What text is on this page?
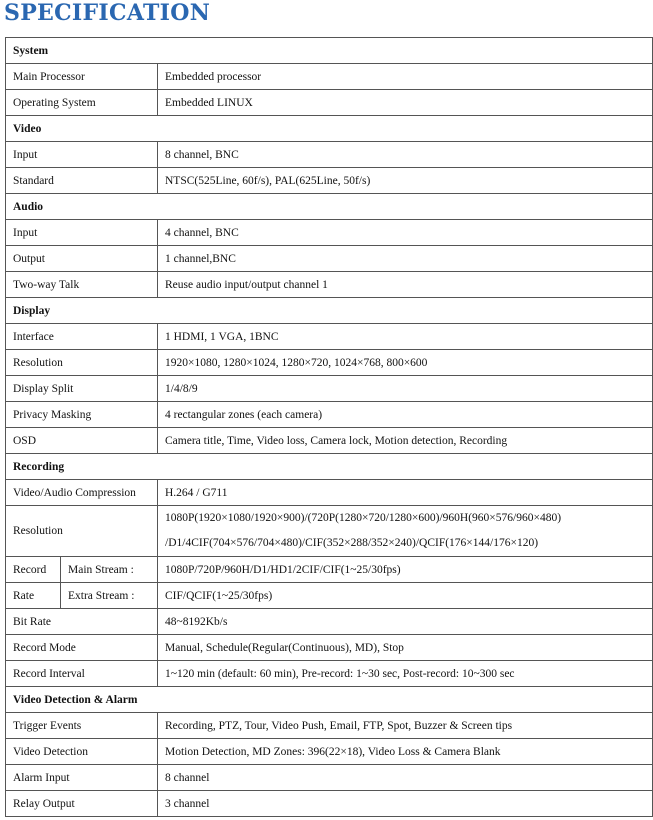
SPECIFICATION
System		
Main Processor		Embedded processor
Operating System		Embedded LINUX
Video		
Input		8 channel, BNC
Standard		NTSC(525Line, 60f/s), PAL(625Line, 50f/s)
Audio		
Input		4 channel, BNC
Output		1 channel,BNC
Two-way Talk		Reuse audio input/output channel 1
Display		
Interface		1 HDMI, 1 VGA, 1BNC
Resolution		1920×1080, 1280×1024, 1280×720, 1024×768, 800×600
Display Split		1/4/8/9
Privacy Masking		4 rectangular zones (each camera)
OSD		Camera title, Time, Video loss, Camera lock, Motion detection, Recording
Recording		
Video/Audio Compression		H.264 / G711
Resolution		1080P(1920×1080/1920×900)/(720P(1280×720/1280×600)/960H(960×576/960×480)
/D1/4CIF(704×576/704×480)/CIF(352×288/352×240)/QCIF(176×144/176×120)

Record	Main Stream :	1080P/720P/960H/D1/HD1/2CIF/CIF(1~25/30fps)
Rate	Extra Stream :	CIF/QCIF(1~25/30fps)
Bit Rate		48~8192Kb/s
Record Mode		Manual, Schedule(Regular(Continuous), MD), Stop
Record Interval		1~120 min (default: 60 min), Pre-record: 1~30 sec, Post-record: 10~300 sec
Video Detection & Alarm		
Trigger Events		Recording, PTZ, Tour, Video Push, Email, FTP, Spot, Buzzer & Screen tips
Video Detection		Motion Detection, MD Zones: 396(22×18), Video Loss & Camera Blank
Alarm Input		8 channel
Relay Output		3 channel
